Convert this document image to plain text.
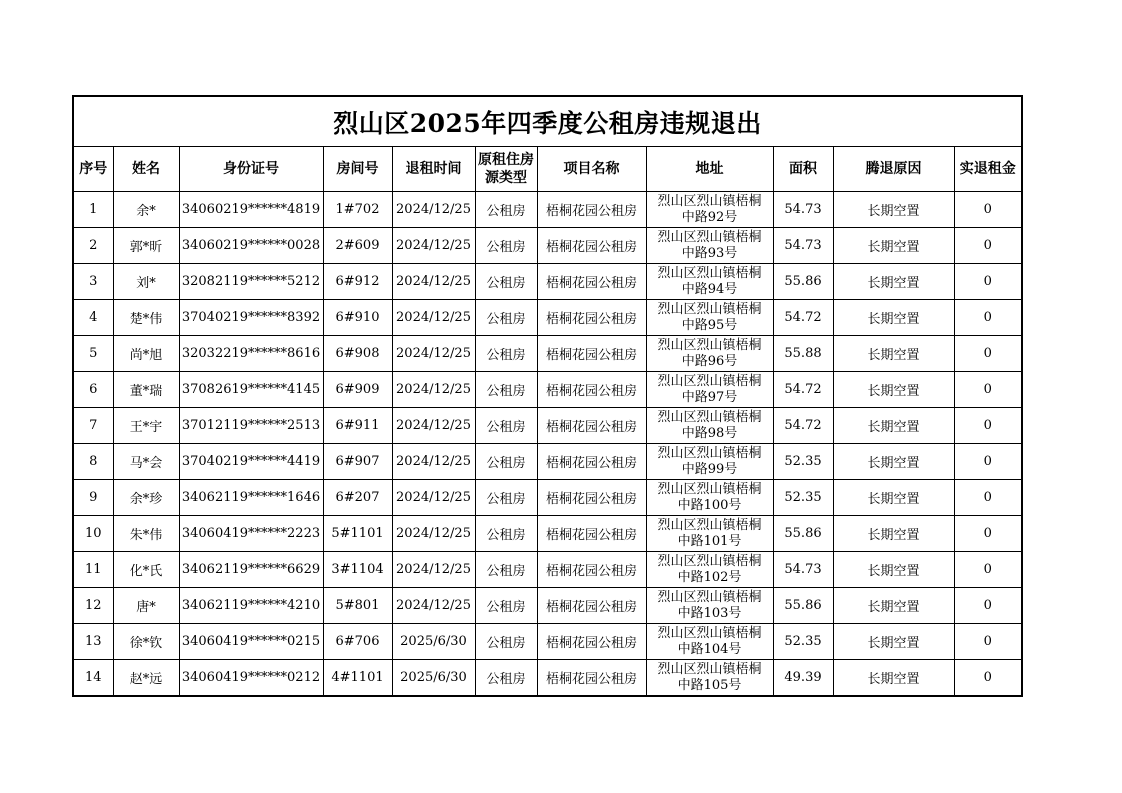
烈山区2025年四季度公租房违规退出										
序号	姓名	身份证号	房间号	退租时间	原租住房
源类型	项目名称	地址	面积	腾退原因	实退租金
1	余*	34060219******4819	1#702	2024/12/25	公租房	梧桐花园公租房	烈山区烈山镇梧桐
中路92号	54.73	长期空置	0
2	郭*昕	34060219******0028	2#609	2024/12/25	公租房	梧桐花园公租房	烈山区烈山镇梧桐
中路93号	54.73	长期空置	0
3	刘*	32082119******5212	6#912	2024/12/25	公租房	梧桐花园公租房	烈山区烈山镇梧桐
中路94号	55.86	长期空置	0
4	楚*伟	37040219******8392	6#910	2024/12/25	公租房	梧桐花园公租房	烈山区烈山镇梧桐
中路95号	54.72	长期空置	0
5	尚*旭	32032219******8616	6#908	2024/12/25	公租房	梧桐花园公租房	烈山区烈山镇梧桐
中路96号	55.88	长期空置	0
6	董*瑞	37082619******4145	6#909	2024/12/25	公租房	梧桐花园公租房	烈山区烈山镇梧桐
中路97号	54.72	长期空置	0
7	王*宇	37012119******2513	6#911	2024/12/25	公租房	梧桐花园公租房	烈山区烈山镇梧桐
中路98号	54.72	长期空置	0
8	马*会	37040219******4419	6#907	2024/12/25	公租房	梧桐花园公租房	烈山区烈山镇梧桐
中路99号	52.35	长期空置	0
9	余*珍	34062119******1646	6#207	2024/12/25	公租房	梧桐花园公租房	烈山区烈山镇梧桐
中路100号	52.35	长期空置	0
10	朱*伟	34060419******2223	5#1101	2024/12/25	公租房	梧桐花园公租房	烈山区烈山镇梧桐
中路101号	55.86	长期空置	0
11	化*氏	34062119******6629	3#1104	2024/12/25	公租房	梧桐花园公租房	烈山区烈山镇梧桐
中路102号	54.73	长期空置	0
12	唐*	34062119******4210	5#801	2024/12/25	公租房	梧桐花园公租房	烈山区烈山镇梧桐
中路103号	55.86	长期空置	0
13	徐*钦	34060419******0215	6#706	2025/6/30	公租房	梧桐花园公租房	烈山区烈山镇梧桐
中路104号	52.35	长期空置	0
14	赵*远	34060419******0212	4#1101	2025/6/30	公租房	梧桐花园公租房	烈山区烈山镇梧桐
中路105号	49.39	长期空置	0
